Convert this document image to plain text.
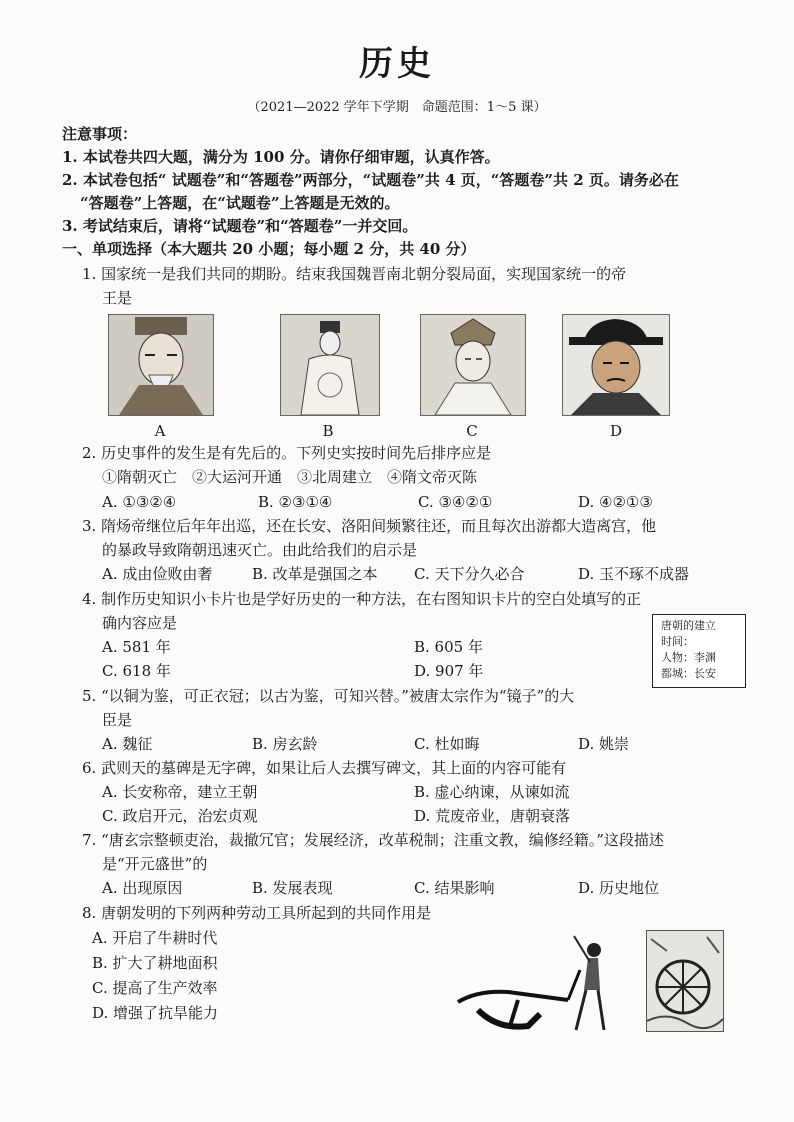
历史
（2021—2022 学年下学期　命题范围：1～5 课）
注意事项：
1. 本试卷共四大题，满分为 100 分。请你仔细审题，认真作答。
2. 本试卷包括“ 试题卷”和“答题卷”两部分，“试题卷”共 4 页，“答题卷”共 2 页。请务必在
“答题卷”上答题，在“试题卷”上答题是无效的。
3. 考试结束后，请将“试题卷”和“答题卷”一并交回。
一、单项选择（本大题共 20 小题；每小题 2 分，共 40 分）
1. 国家统一是我们共同的期盼。结束我国魏晋南北朝分裂局面，实现国家统一的帝
王是
A	B	C	D
2. 历史事件的发生是有先后的。下列史实按时间先后排序应是
①隋朝灭亡　②大运河开通　③北周建立　④隋文帝灭陈
A. ①③②④	B. ②③①④	C. ③④②①	D. ④②①③
3. 隋炀帝继位后年年出巡，还在长安、洛阳间频繁往还，而且每次出游都大造离宫，他
的暴政导致隋朝迅速灭亡。由此给我们的启示是
A. 成由俭败由奢	B. 改革是强国之本 C. 天下分久必合	D. 玉不琢不成器
4. 制作历史知识小卡片也是学好历史的一种方法，在右图知识卡片的空白处填写的正
确内容应是
A. 581 年	B. 605 年
C. 618 年	D. 907 年
唐朝的建立
时间：
人物：李渊
都城：长安
5. “以铜为鉴，可正衣冠；以古为鉴，可知兴替。”被唐太宗作为“镜子”的大
臣是
A. 魏征	B. 房玄龄	C. 杜如晦	D. 姚崇
6. 武则天的墓碑是无字碑，如果让后人去撰写碑文，其上面的内容可能有
A. 长安称帝，建立王朝	B. 虚心纳谏，从谏如流
C. 政启开元，治宏贞观	D. 荒废帝业，唐朝衰落
7. “唐玄宗整顿吏治，裁撤冗官；发展经济，改革税制；注重文教，编修经籍。”这段描述
是“开元盛世”的
A. 出现原因	B. 发展表现	C. 结果影响	D. 历史地位
8. 唐朝发明的下列两种劳动工具所起到的共同作用是
A. 开启了牛耕时代
B. 扩大了耕地面积
C. 提高了生产效率
D. 增强了抗旱能力
